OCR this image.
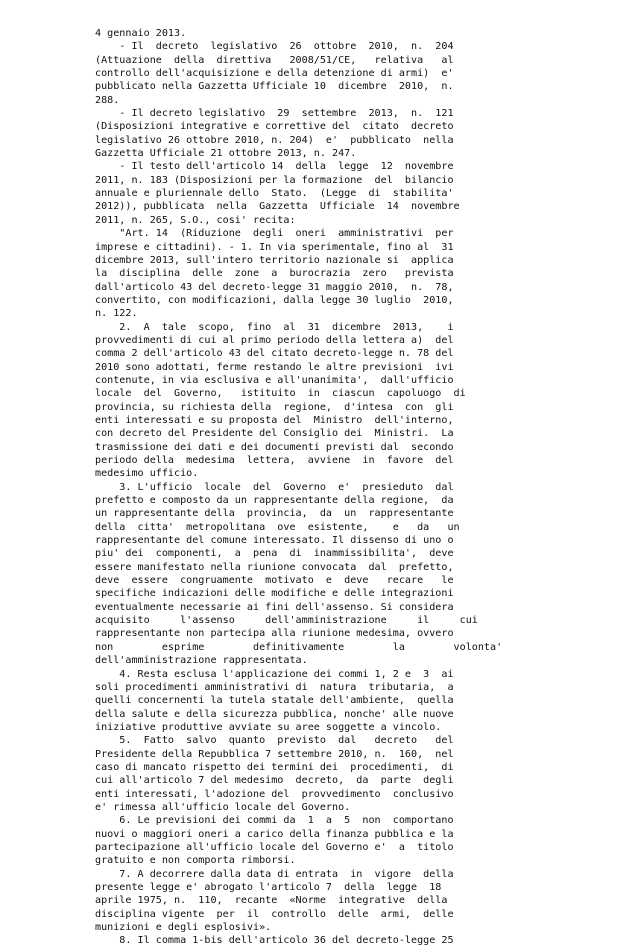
4 gennaio 2013.
- Il  decreto  legislativo  26  ottobre  2010,  n.  204
(Attuazione  della  direttiva   2008/51/CE,   relativa   al
controllo dell'acquisizione e della detenzione di armi)  e'
pubblicato nella Gazzetta Ufficiale 10  dicembre  2010,  n.
288.
- Il decreto legislativo  29  settembre  2013,  n.  121
(Disposizioni integrative e correttive del  citato  decreto
legislativo 26 ottobre 2010, n. 204)  e'  pubblicato  nella
Gazzetta Ufficiale 21 ottobre 2013, n. 247.
- Il testo dell'articolo 14  della  legge  12  novembre
2011, n. 183 (Disposizioni per la formazione  del  bilancio
annuale e pluriennale dello  Stato.  (Legge  di  stabilita'
2012)), pubblicata  nella  Gazzetta  Ufficiale  14  novembre
2011, n. 265, S.O., cosi' recita:
"Art. 14  (Riduzione  degli  oneri  amministrativi  per
imprese e cittadini). - 1. In via sperimentale, fino al  31
dicembre 2013, sull'intero territorio nazionale si  applica
la  disciplina  delle  zone  a  burocrazia  zero   prevista
dall'articolo 43 del decreto-legge 31 maggio 2010,  n.  78,
convertito, con modificazioni, dalla legge 30 luglio  2010,
n. 122.
2.  A  tale  scopo,  fino  al  31  dicembre  2013,    i
provvedimenti di cui al primo periodo della lettera a)  del
comma 2 dell'articolo 43 del citato decreto-legge n. 78 del
2010 sono adottati, ferme restando le altre previsioni  ivi
contenute, in via esclusiva e all'unanimita',  dall'ufficio
locale  del  Governo,   istituito  in  ciascun  capoluogo  di
provincia, su richiesta della  regione,  d'intesa  con  gli
enti interessati e su proposta del  Ministro  dell'interno,
con decreto del Presidente del Consiglio dei  Ministri.  La
trasmissione dei dati e dei documenti previsti dal  secondo
periodo della  medesima  lettera,  avviene  in  favore  del
medesimo ufficio.
3. L'ufficio  locale  del  Governo  e'  presieduto  dal
prefetto e composto da un rappresentante della regione,  da
un rappresentante della  provincia,  da  un  rappresentante
della  citta'  metropolitana  ove  esistente,    e   da   un
rappresentante del comune interessato. Il dissenso di uno o
piu' dei  componenti,  a  pena  di  inammissibilita',  deve
essere manifestato nella riunione convocata  dal  prefetto,
deve  essere  congruamente  motivato  e  deve   recare   le
specifiche indicazioni delle modifiche e delle integrazioni
eventualmente necessarie ai fini dell'assenso. Si considera
acquisito     l'assenso     dell'amministrazione     il     cui
rappresentante non partecipa alla riunione medesima, ovvero
non        esprime        definitivamente        la        volonta'
dell'amministrazione rappresentata.
4. Resta esclusa l'applicazione dei commi 1, 2 e  3  ai
soli procedimenti amministrativi di  natura  tributaria,  a
quelli concernenti la tutela statale dell'ambiente,  quella
della salute e della sicurezza pubblica, nonche' alle nuove
iniziative produttive avviate su aree soggette a vincolo.
5.  Fatto  salvo  quanto  previsto  dal   decreto   del
Presidente della Repubblica 7 settembre 2010, n.  160,  nel
caso di mancato rispetto dei termini dei  procedimenti,  di
cui all'articolo 7 del medesimo  decreto,  da  parte  degli
enti interessati, l'adozione del  provvedimento  conclusivo
e' rimessa all'ufficio locale del Governo.
6. Le previsioni dei commi da  1  a  5  non  comportano
nuovi o maggiori oneri a carico della finanza pubblica e la
partecipazione all'ufficio locale del Governo e'  a  titolo
gratuito e non comporta rimborsi.
7. A decorrere dalla data di entrata  in  vigore  della
presente legge e' abrogato l'articolo 7  della  legge  18
aprile 1975, n.  110,  recante  «Norme  integrative  della
disciplina vigente  per  il  controllo  delle  armi,  delle
munizioni e degli esplosivi».
8. Il comma 1-bis dell'articolo 36 del decreto-legge 25
